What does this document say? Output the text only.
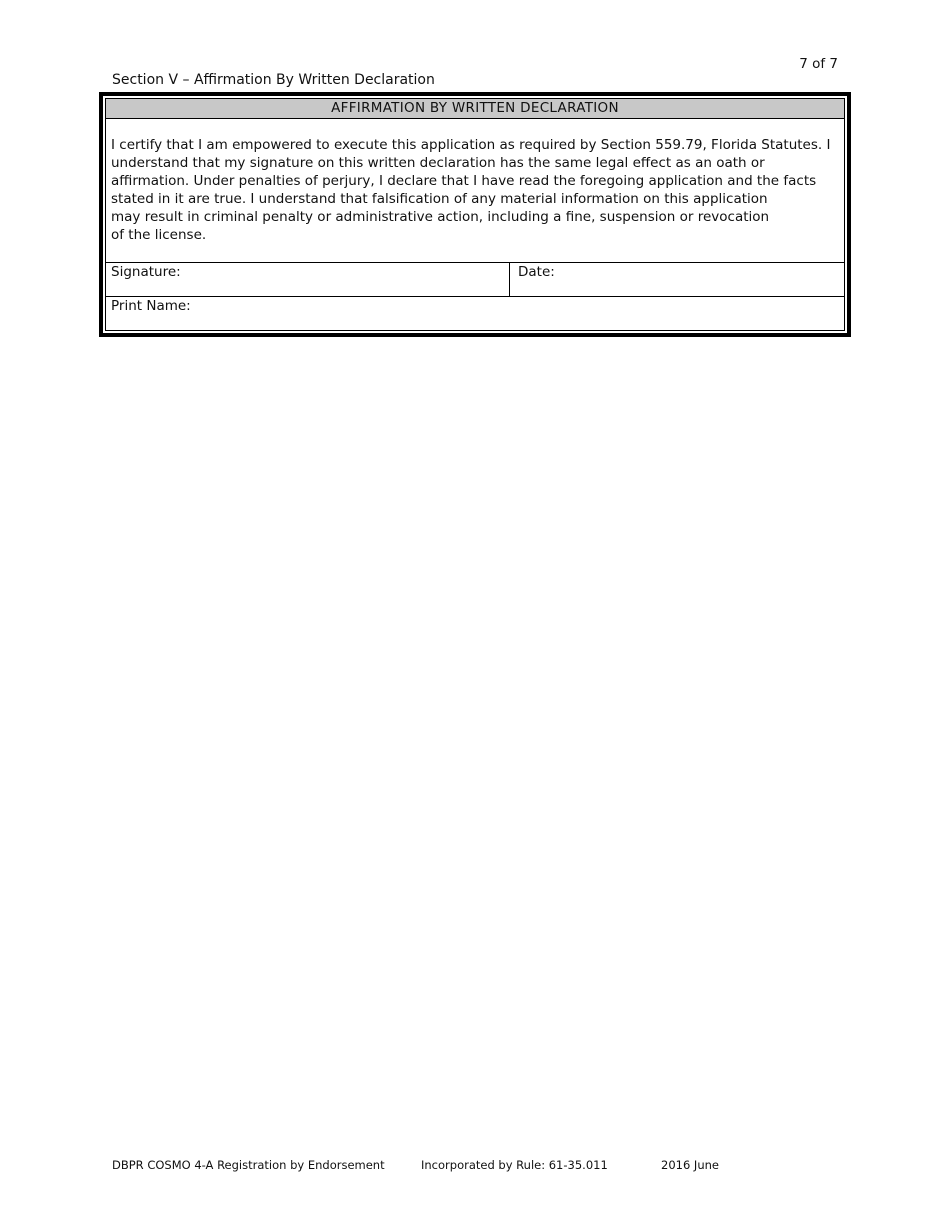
7 of 7
Section V – Affirmation By Written Declaration
AFFIRMATION BY WRITTEN DECLARATION
I certify that I am empowered to execute this application as required by Section 559.79, Florida Statutes. I
understand that my signature on this written declaration has the same legal effect as an oath or
affirmation. Under penalties of perjury, I declare that I have read the foregoing application and the facts
stated in it are true. I understand that falsification of any material information on this application
may result in criminal penalty or administrative action, including a fine, suspension or revocation
of the license.
Signature:	Date:
Print Name:
DBPR COSMO 4-A Registration by Endorsement	Incorporated by Rule: 61-35.011	2016 June
